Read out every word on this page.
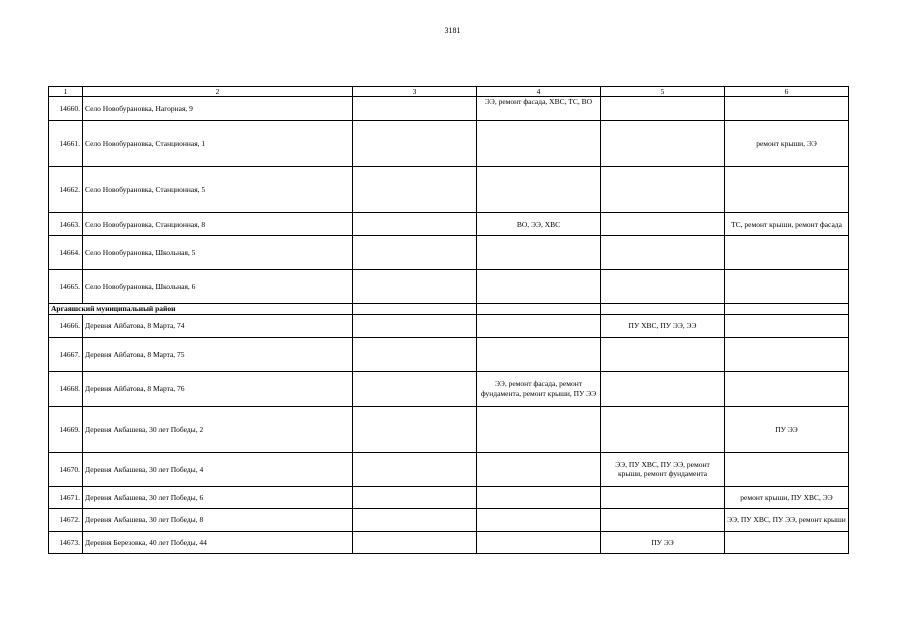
3181
1	2	3	4	5	6
14660.	Село Новобурановка, Нагорная, 9		ЭЭ, ремонт фасада, ХВС, ТС, ВО		
14661.	Село Новобурановка, Станционная, 1				ремонт крыши, ЭЭ
14662.	Село Новобурановка, Станционная, 5				
14663.	Село Новобурановка, Станционная, 8		ВО, ЭЭ, ХВС		ТС, ремонт крыши, ремонт фасада
14664.	Село Новобурановка, Школьная, 5				
14665.	Село Новобурановка, Школьная, 6				
Аргаяшский муниципальный район					
14666.	Деревня Айбатова, 8 Марта, 74			ПУ ХВС, ПУ ЭЭ, ЭЭ	
14667.	Деревня Айбатова, 8 Марта, 75				
14668.	Деревня Айбатова, 8 Марта, 76		ЭЭ, ремонт фасада, ремонт фундамента, ремонт крыши, ПУ ЭЭ		
14669.	Деревня Акбашева, 30 лет Победы, 2				ПУ ЭЭ
14670.	Деревня Акбашева, 30 лет Победы, 4			ЭЭ, ПУ ХВС, ПУ ЭЭ, ремонт крыши, ремонт фундамента	
14671.	Деревня Акбашева, 30 лет Победы, 6				ремонт крыши, ПУ ХВС, ЭЭ
14672.	Деревня Акбашева, 30 лет Победы, 8				ЭЭ, ПУ ХВС, ПУ ЭЭ, ремонт крыши
14673.	Деревня Березовка, 40 лет Победы, 44			ПУ ЭЭ	
